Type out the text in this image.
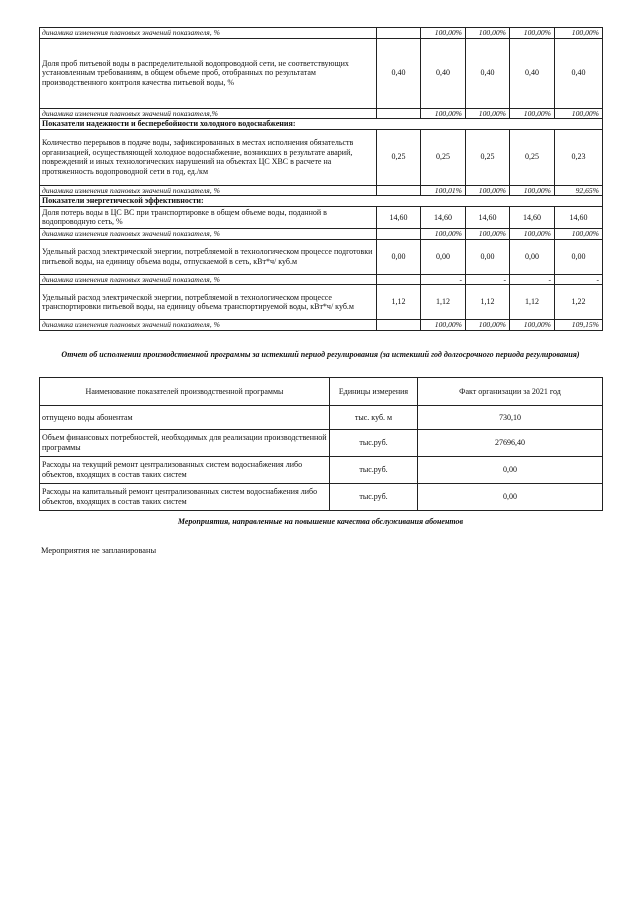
динамика изменения плановых значений показателя, %		100,00%	100,00%	100,00%	100,00%
Доля проб питьевой воды в распределительной водопроводной сети, не соответствующих установленным требованиям, в общем объеме проб, отобранных по результатам производственного контроля качества питьевой воды, %	0,40	0,40	0,40	0,40	0,40
динамика изменения плановых значений показателя,%		100,00%	100,00%	100,00%	100,00%
Показатели надежности и бесперебойности холодного водоснабжения:					
Количество перерывов в подаче воды, зафиксированных в местах исполнения обязательств организацией, осуществляющей холодное водоснабжение, возникших в результате аварий, повреждений и иных технологических нарушений на объектах ЦС ХВС в расчете на протяженность водопроводной сети в год, ед./км	0,25	0,25	0,25	0,25	0,23
динамика изменения плановых значений показателя, %		100,01%	100,00%	100,00%	92,65%
Показатели энергетической эффективности:					
Доля потерь воды в ЦС ВС при транспортировке в общем объеме воды, поданной в водопроводную сеть, %	14,60	14,60	14,60	14,60	14,60
динамика изменения плановых значений показателя, %		100,00%	100,00%	100,00%	100,00%
Удельный расход электрической энергии, потребляемой в технологическом процессе подготовки питьевой воды, на единицу объема воды, отпускаемой в сеть, кВт*ч/ куб.м	0,00	0,00	0,00	0,00	0,00
динамика изменения плановых значений показателя, %		-	-	-	-
Удельный расход электрической энергии, потребляемой в технологическом процессе транспортировки питьевой воды, на единицу объема транспортируемой воды, кВт*ч/ куб.м	1,12	1,12	1,12	1,12	1,22
динамика изменения плановых значений показателя, %		100,00%	100,00%	100,00%	109,15%
Отчет об исполнении производственной программы за истекший период регулирования (за истекший год долгосрочного периода регулирования)
Наименование показателей производственной программы	Единицы измерения	Факт организации за 2021 год
отпущено воды абонентам	тыс. куб. м	730,10
Объем финансовых потребностей, необходимых для реализации производственной программы	тыс.руб.	27696,40
Расходы на текущий ремонт централизованных систем водоснабжения либо объектов, входящих в состав таких систем	тыс.руб.	0,00
Расходы на капитальный ремонт централизованных систем водоснабжения либо объектов, входящих в состав таких систем	тыс.руб.	0,00
Мероприятия, направленные на повышение качества обслуживания абонентов
Мероприятия не запланированы
